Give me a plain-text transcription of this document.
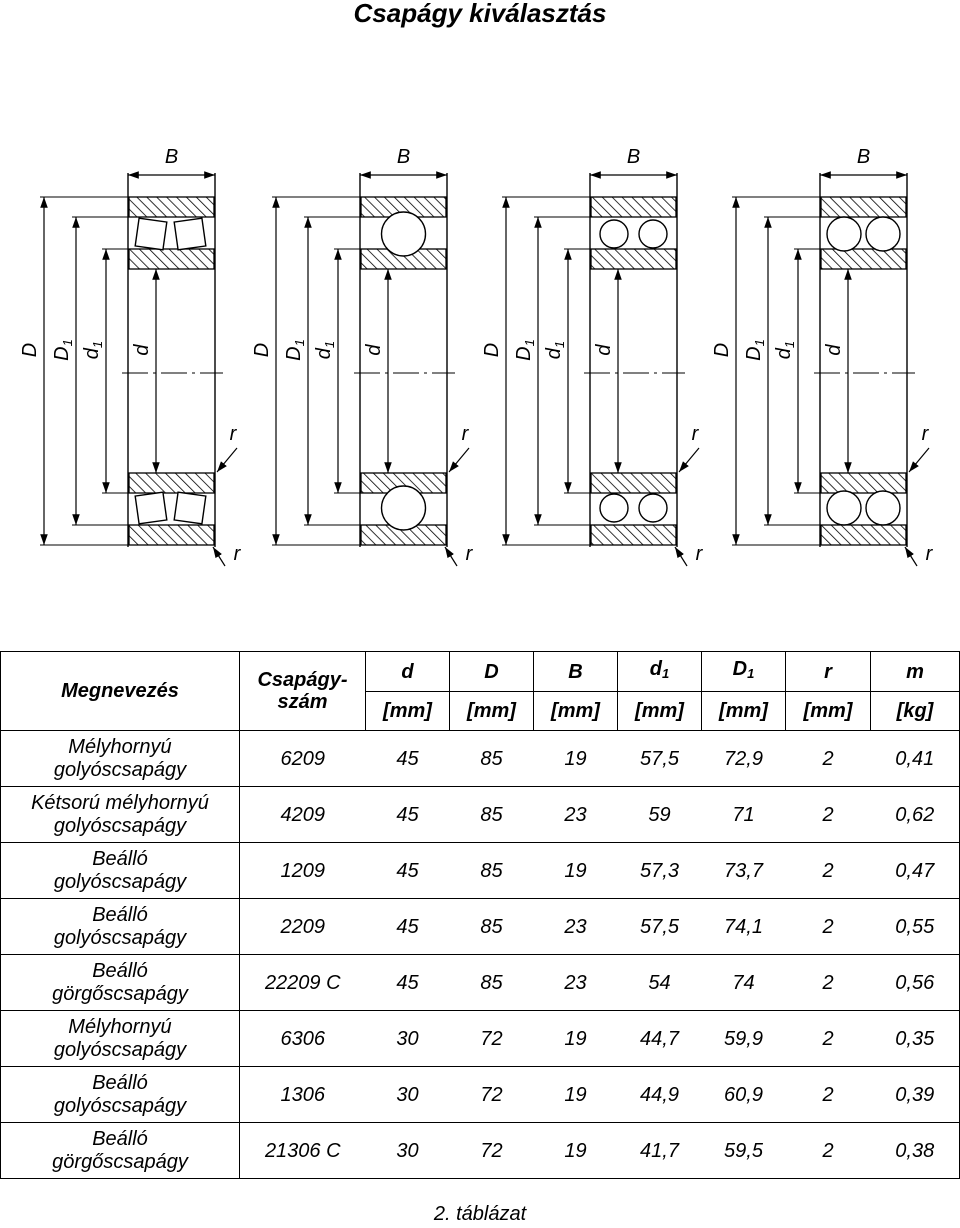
Csapágy kiválasztás
B
D $D_1$
$d_1$ d
r
r
B
D $D_1$
$d_1$ d
r
r
B
D $D_1$
$d_1$ d
r
r
B
D $D_1$
$d_1$ d
r
r
Megnevezés	Csapágy-
szám	d	D	B	$d_1$	$D_1$	r	m
		[mm]	[mm]	[mm]	[mm]	[mm]	[mm]	[kg]
Mélyhornyú
golyóscsapágy	6209	45	85	19	57,5	72,9	2	0,41
Kétsorú mélyhornyú
golyóscsapágy	4209	45	85	23	59	71	2	0,62
Beálló
golyóscsapágy	1209	45	85	19	57,3	73,7	2	0,47
Beálló
golyóscsapágy	2209	45	85	23	57,5	74,1	2	0,55
Beálló
görgőscsapágy	22209 C	45	85	23	54	74	2	0,56
Mélyhornyú
golyóscsapágy	6306	30	72	19	44,7	59,9	2	0,35
Beálló
golyóscsapágy	1306	30	72	19	44,9	60,9	2	0,39
Beálló
görgőscsapágy	21306 C	30	72	19	41,7	59,5	2	0,38
2. táblázat
